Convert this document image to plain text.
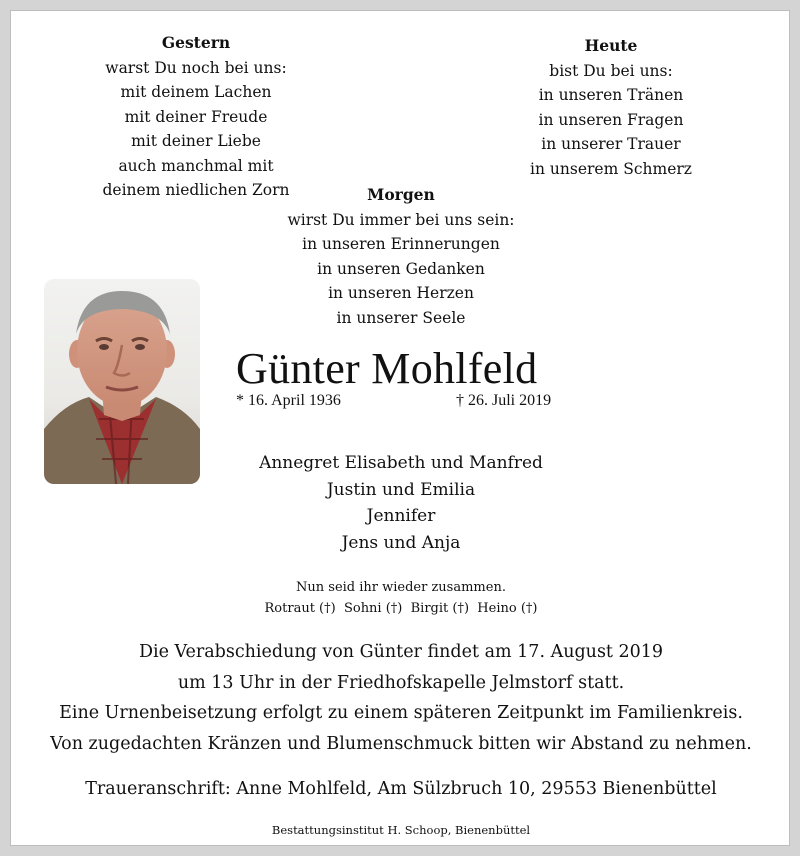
Gestern
warst Du noch bei uns:
mit deinem Lachen
mit deiner Freude
mit deiner Liebe
auch manchmal mit
deinem niedlichen Zorn
Heute
bist Du bei uns:
in unseren Tränen
in unseren Fragen
in unserer Trauer
in unserem Schmerz
Morgen
wirst Du immer bei uns sein:
in unseren Erinnerungen
in unseren Gedanken
in unseren Herzen
in unserer Seele
Günter Mohlfeld
* 16. April 1936	† 26. Juli 2019
Annegret Elisabeth und Manfred
Justin und Emilia
Jennifer
Jens und Anja
Nun seid ihr wieder zusammen.
Rotraut (†)  Sohni (†)  Birgit (†)  Heino (†)
Die Verabschiedung von Günter findet am 17. August 2019
um 13 Uhr in der Friedhofskapelle Jelmstorf statt.
Eine Urnenbeisetzung erfolgt zu einem späteren Zeitpunkt im Familienkreis.
Von zugedachten Kränzen und Blumenschmuck bitten wir Abstand zu nehmen.
Traueranschrift: Anne Mohlfeld, Am Sülzbruch 10, 29553 Bienenbüttel
Bestattungsinstitut H. Schoop, Bienenbüttel
